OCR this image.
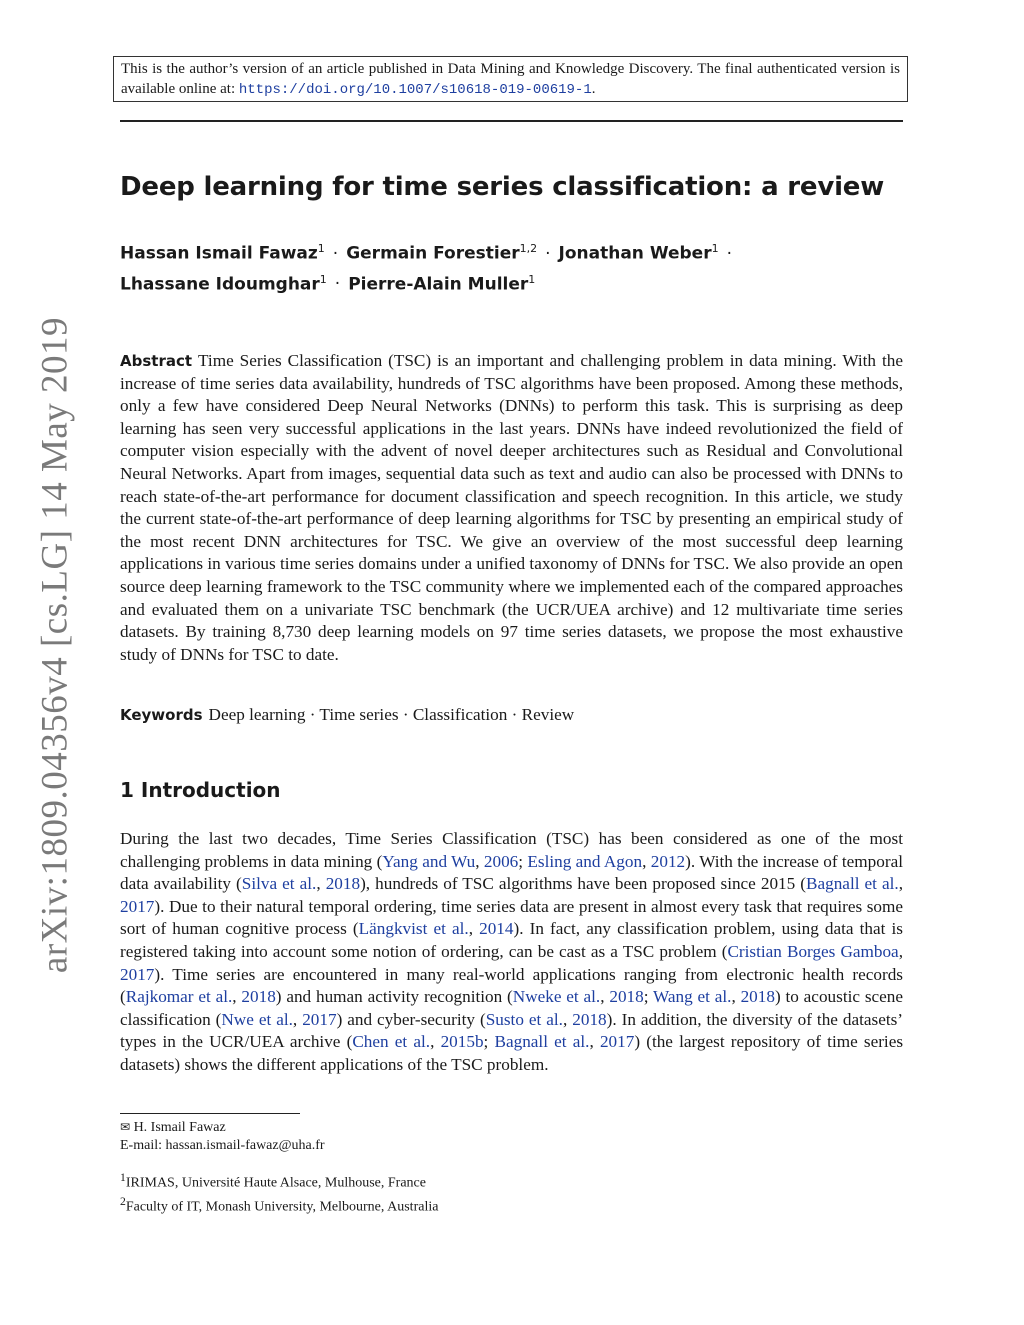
This is the author’s version of an article published in Data Mining and Knowledge Discovery. The final authenticated version is available online at: https://doi.org/10.1007/s10618-019-00619-1.
arXiv:1809.04356v4 [cs.LG] 14 May 2019
Deep learning for time series classification: a review
Hassan Ismail Fawaz$^1$ · Germain Forestier$^{1,2}$ · Jonathan Weber$^1$ ·
Lhassane Idoumghar$^1$ · Pierre-Alain Muller$^1$

Abstract Time Series Classification (TSC) is an important and challenging problem in data mining. With the increase of time series data availability, hundreds of TSC algorithms have been proposed. Among these methods, only a few have considered Deep Neural Networks (DNNs) to perform this task. This is surprising as deep learning has seen very successful applications in the last years. DNNs have indeed revolutionized the field of computer vision especially with the advent of novel deeper architectures such as Residual and Convolutional Neural Networks. Apart from images, sequential data such as text and audio can also be processed with DNNs to reach state-of-the-art performance for document classification and speech recognition. In this article, we study the current state-of-the-art performance of deep learning algorithms for TSC by presenting an empirical study of the most recent DNN architectures for TSC. We give an overview of the most successful deep learning applications in various time series domains under a unified taxonomy of DNNs for TSC. We also provide an open source deep learning framework to the TSC community where we implemented each of the compared approaches and evaluated them on a univariate TSC benchmark (the UCR/UEA archive) and 12 multivariate time series datasets. By training 8,730 deep learning models on 97 time series datasets, we propose the most exhaustive study of DNNs for TSC to date.

Keywords Deep learning · Time series · Classification · Review

1 Introduction

During the last two decades, Time Series Classification (TSC) has been considered as one of the most challenging problems in data mining (Yang and Wu, 2006; Esling and Agon, 2012). With the increase of temporal data availability (Silva et al., 2018), hundreds of TSC algorithms have been proposed since 2015 (Bagnall et al., 2017). Due to their natural temporal ordering, time series data are present in almost every task that requires some sort of human cognitive process (Längkvist et al., 2014). In fact, any classification problem, using data that is registered taking into account some notion of ordering, can be cast as a TSC problem (Cristian Borges Gamboa, 2017). Time series are encountered in many real-world applications ranging from electronic health records (Rajkomar et al., 2018) and human activity recognition (Nweke et al., 2018; Wang et al., 2018) to acoustic scene classification (Nwe et al., 2017) and cyber-security (Susto et al., 2018). In addition, the diversity of the datasets’ types in the UCR/UEA archive (Chen et al., 2015b; Bagnall et al., 2017) (the largest repository of time series datasets) shows the different applications of the TSC problem.

✉ H. Ismail Fawaz
E-mail: hassan.ismail-fawaz@uha.fr
$^1$IRIMAS, Université Haute Alsace, Mulhouse, France
$^2$Faculty of IT, Monash University, Melbourne, Australia
